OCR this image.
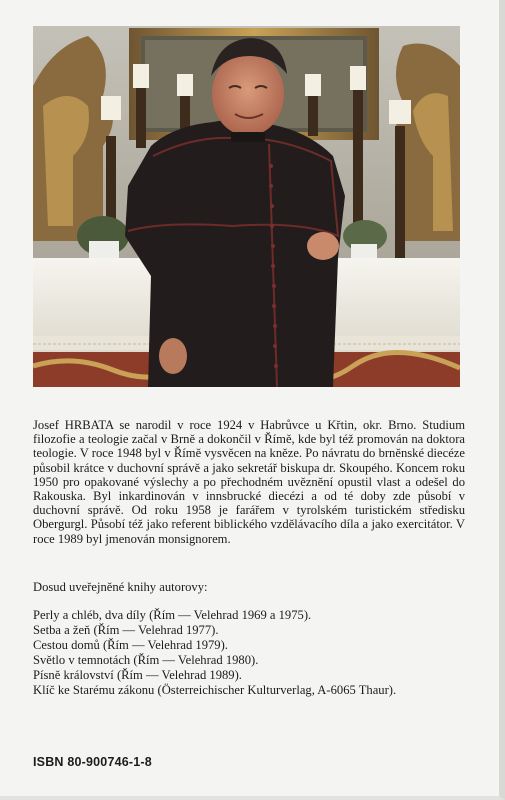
Josef HRBATA se narodil v roce 1924 v Habrůvce u Křtin, okr. Brno. Studium filozofie a teologie začal v Brně a dokončil v Římě, kde byl též promován na doktora teologie. V roce 1948 byl v Římě vysvěcen na kněze. Po návratu do brněnské diecéze působil krátce v duchovní správě a jako sekretář biskupa dr. Skoupého. Koncem roku 1950 pro opakované výslechy a po přechodném uvěznění opustil vlast a odešel do Rakouska. Byl inkardinován v innsbrucké diecézi a od té doby zde působí v duchovní správě. Od roku 1958 je farářem v tyrolském turistickém středisku Obergurgl. Působí též jako referent biblického vzdělávacího díla a jako exercitátor. V roce 1989 byl jmenován monsignorem.

Dosud uveřejněné knihy autorovy:
Perly a chléb, dva díly (Řím — Velehrad 1969 a 1975).
Setba a žeň (Řím — Velehrad 1977).
Cestou domů (Řím — Velehrad 1979).
Světlo v temnotách (Řím — Velehrad 1980).
Písně království (Řím — Velehrad 1989).
Klíč ke Starému zákonu (Österreichischer Kulturverlag, A-6065 Thaur).
ISBN 80-900746-1-8
